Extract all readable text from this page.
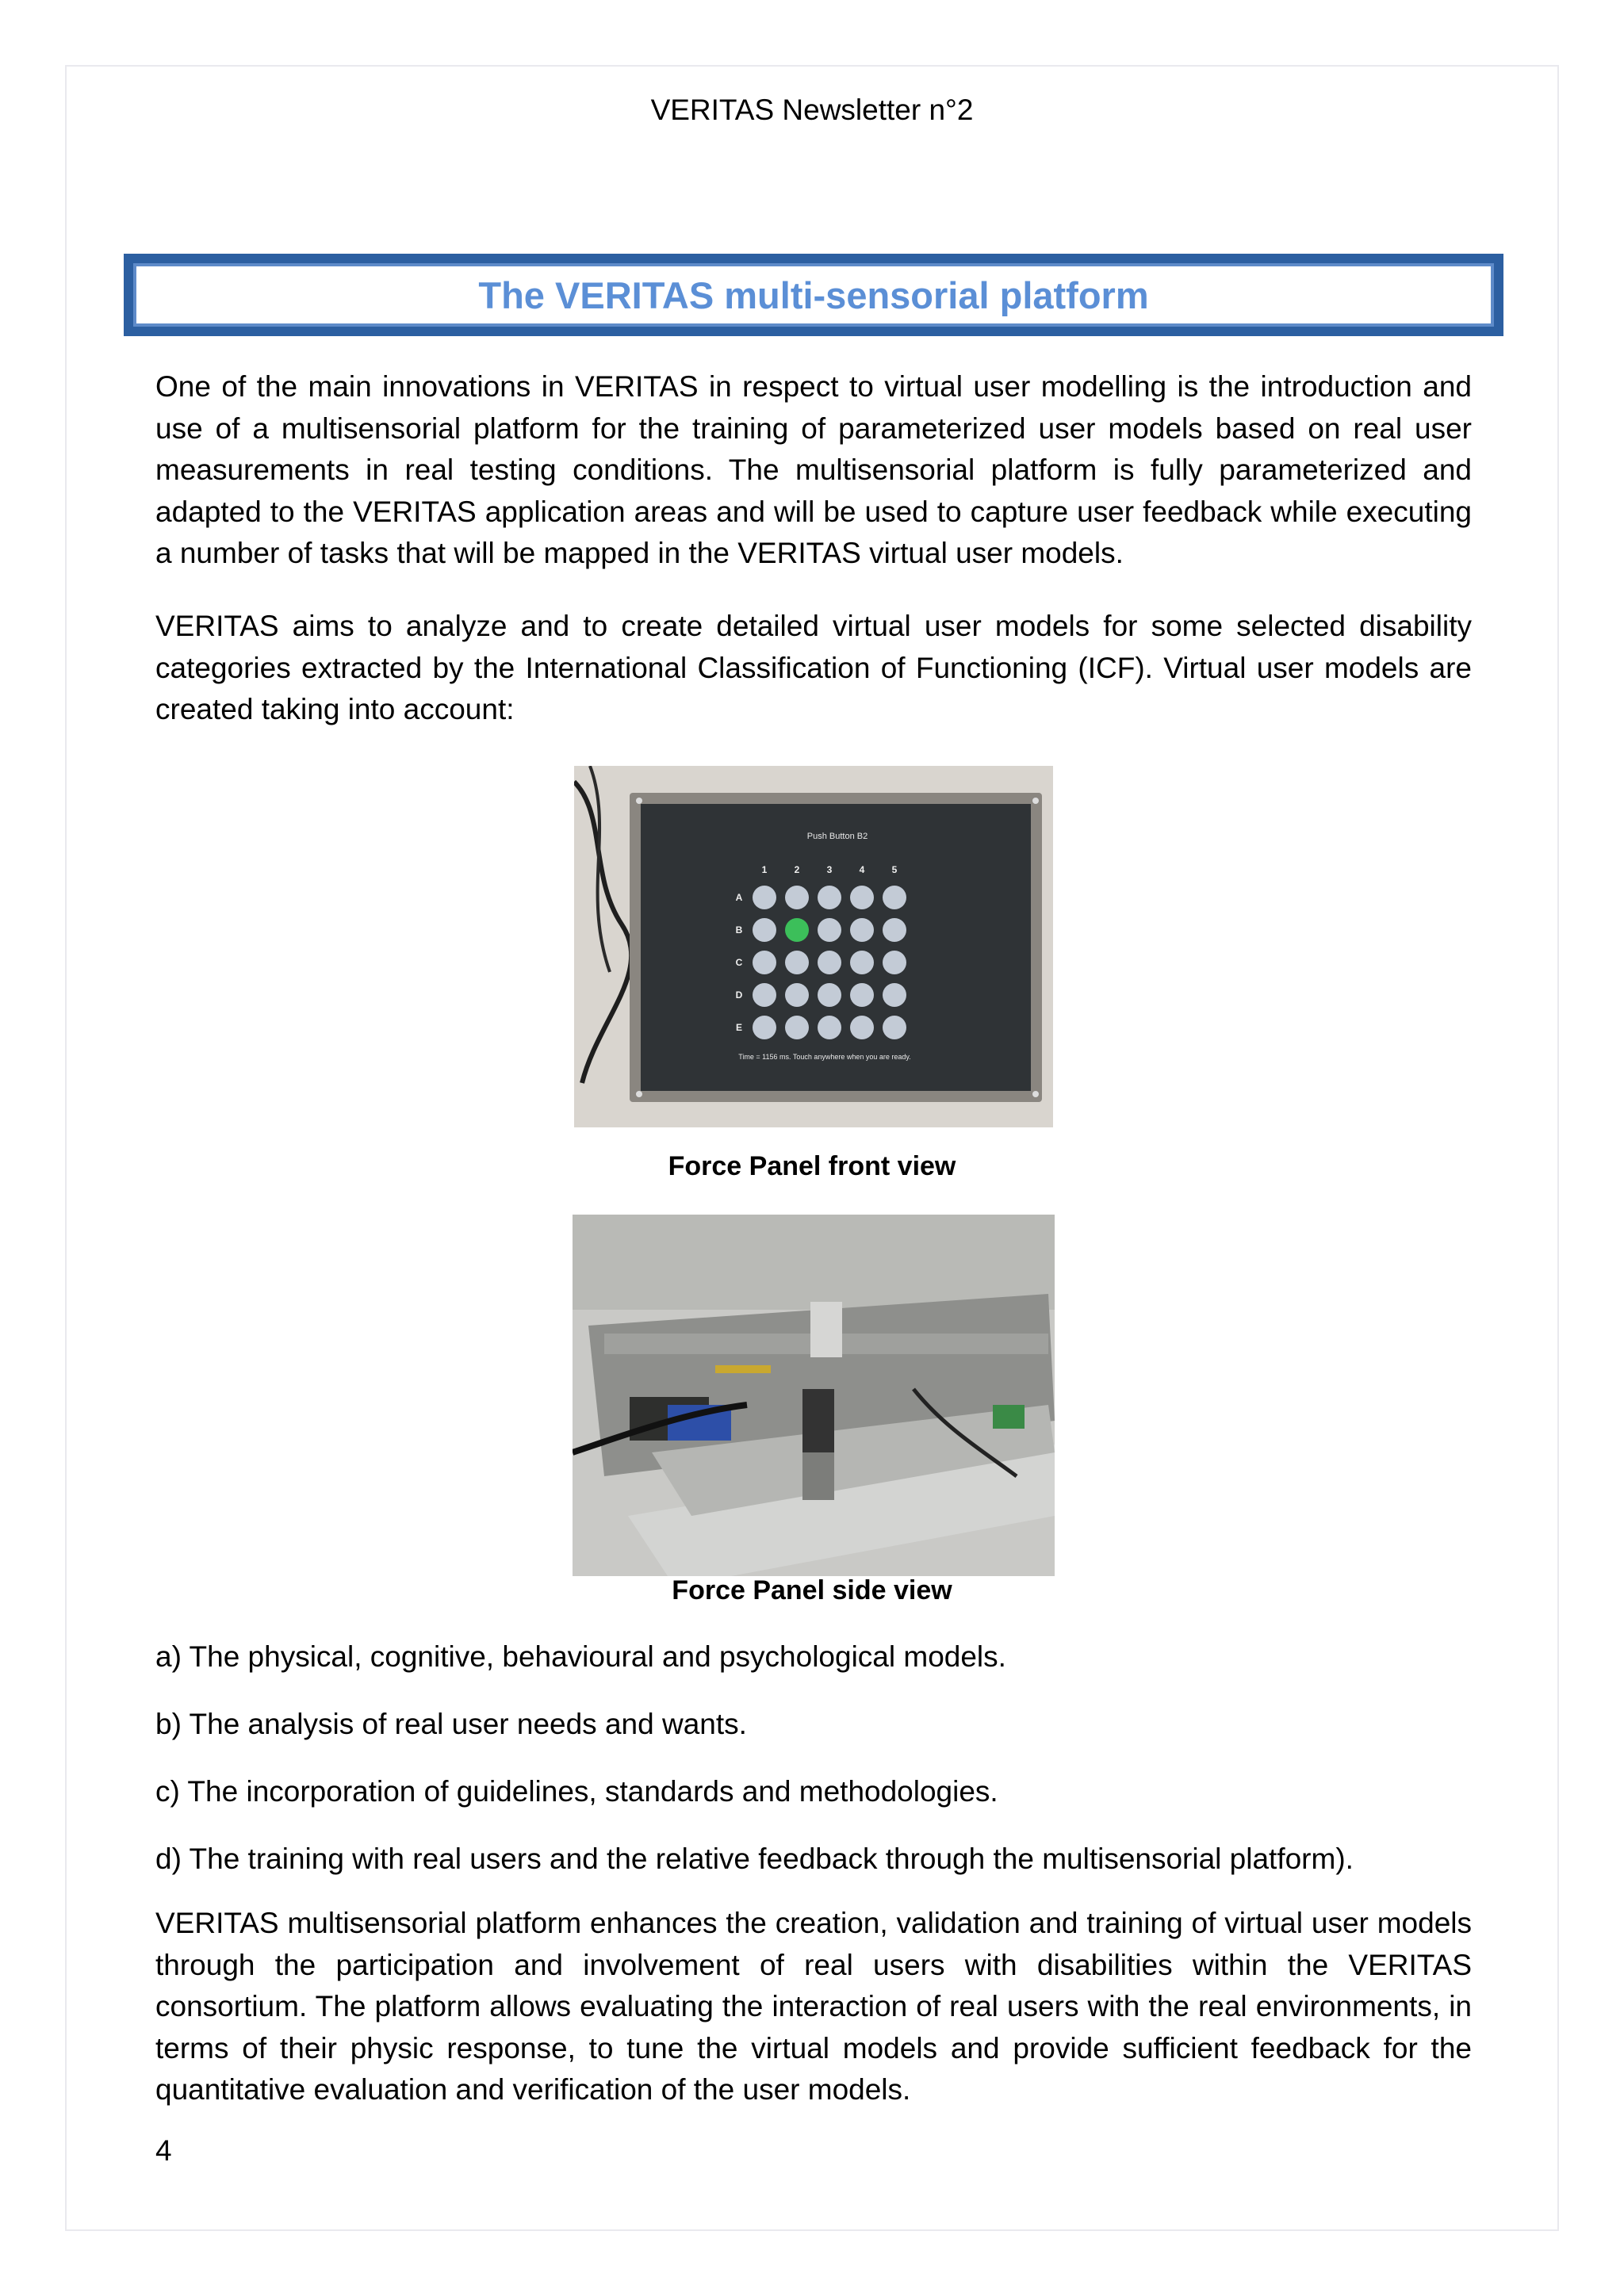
VERITAS Newsletter n°2
The VERITAS multi-sensorial platform

One of the main innovations in VERITAS in respect to virtual user modelling is the introduction and use of a multisensorial platform for the training of parameterized user models based on real user measurements in real testing conditions. The multisensorial platform is fully parameterized and adapted to the VERITAS application areas and will be used to capture user feedback while executing a number of tasks that will be mapped in the VERITAS virtual user models.

VERITAS aims to analyze and to create detailed virtual user models for some selected disability categories extracted by the International Classification of Functioning (ICF). Virtual user models are created taking into account:

Push Button B2
1	2	3	4	5
A
B
C
D
E
Time = 1156 ms. Touch anywhere when you are ready.
Force Panel front view
Force Panel side view

a) The physical, cognitive, behavioural and psychological models.

b) The analysis of real user needs and wants.

c) The incorporation of guidelines, standards and methodologies.

d) The training with real users and the relative feedback through the multisensorial platform).

VERITAS multisensorial platform enhances the creation, validation and training of virtual user models through the participation and involvement of real users with disabilities within the VERITAS consortium. The platform allows evaluating the interaction of real users with the real environments, in terms of their physic response, to tune the virtual models and provide sufficient feedback for the quantitative evaluation and verification of the user models.

4
